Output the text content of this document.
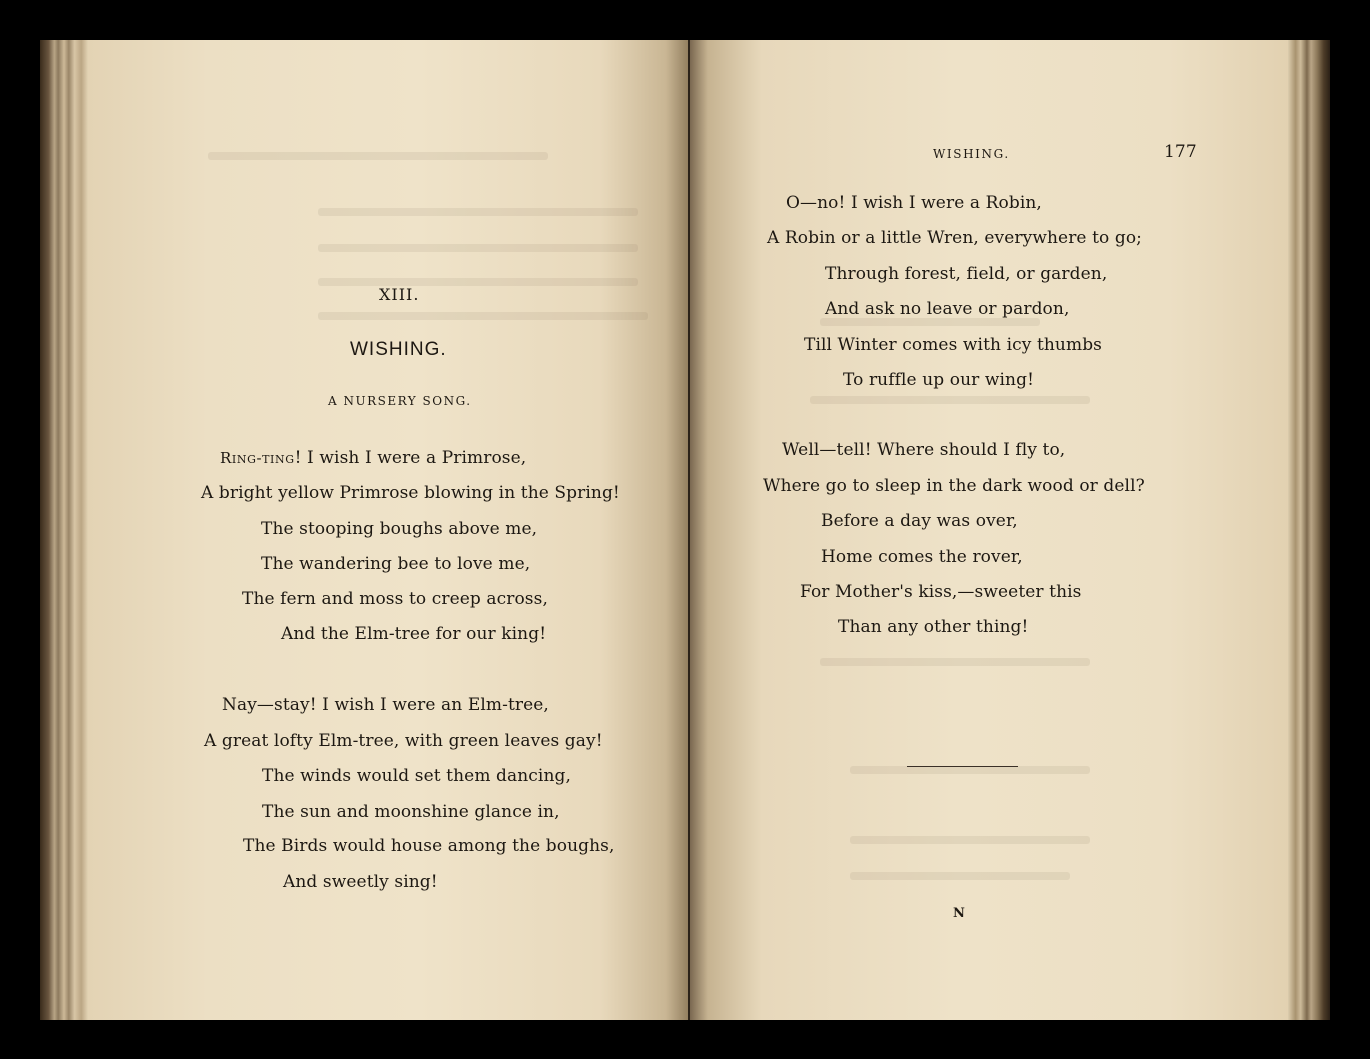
XIII.
WISHING.
A NURSERY SONG.
Ring-ting! I wish I were a Primrose,
A bright yellow Primrose blowing in the Spring!
The stooping boughs above me,
The wandering bee to love me,
The fern and moss to creep across,
And the Elm-tree for our king!
Nay—stay! I wish I were an Elm-tree,
A great lofty Elm-tree, with green leaves gay!
The winds would set them dancing,
The sun and moonshine glance in,
The Birds would house among the boughs,
And sweetly sing!
WISHING.	177
O—no! I wish I were a Robin,
A Robin or a little Wren, everywhere to go;
Through forest, field, or garden,
And ask no leave or pardon,
Till Winter comes with icy thumbs
To ruffle up our wing!
Well—tell! Where should I fly to,
Where go to sleep in the dark wood or dell?
Before a day was over,
Home comes the rover,
For Mother's kiss,—sweeter this
Than any other thing!
N
